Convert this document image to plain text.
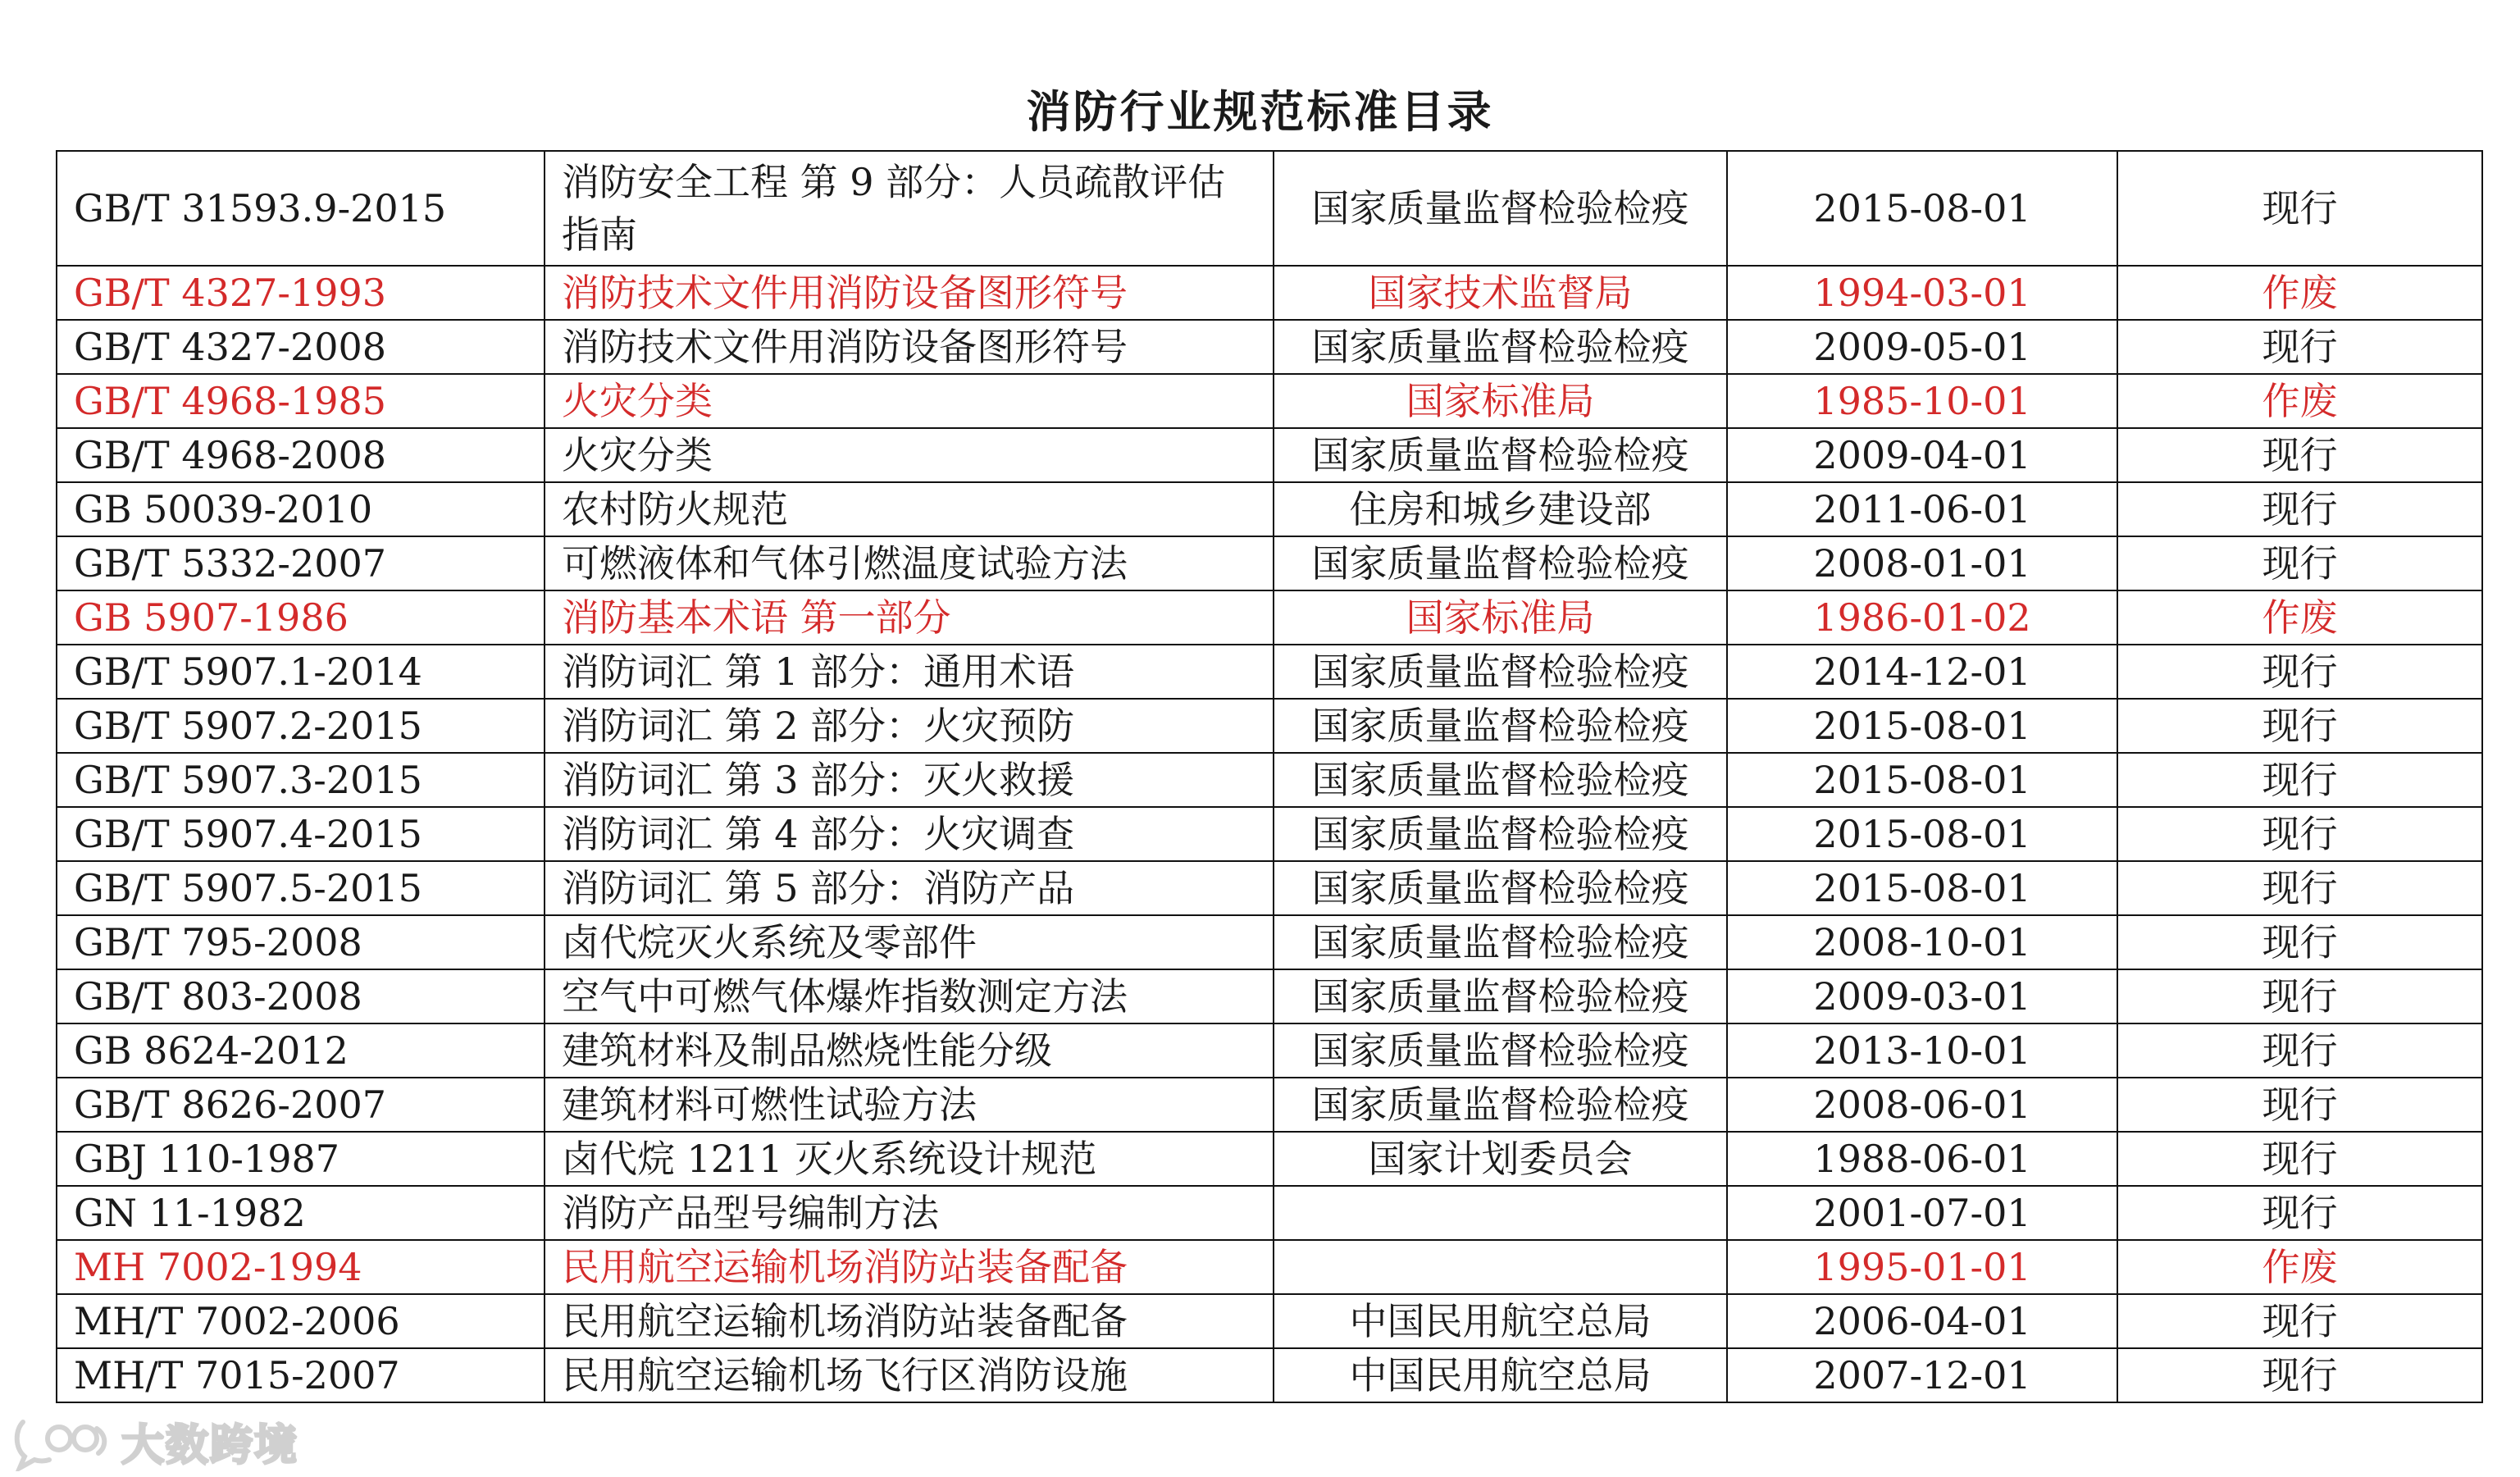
消防行业规范标准目录
GB/T 31593.9-2015	消防安全工程 第 9 部分：人员疏散评估指南	国家质量监督检验检疫	2015-08-01	现行
GB/T 4327-1993	消防技术文件用消防设备图形符号	国家技术监督局	1994-03-01	作废
GB/T 4327-2008	消防技术文件用消防设备图形符号	国家质量监督检验检疫	2009-05-01	现行
GB/T 4968-1985	火灾分类	国家标准局	1985-10-01	作废
GB/T 4968-2008	火灾分类	国家质量监督检验检疫	2009-04-01	现行
GB 50039-2010	农村防火规范	住房和城乡建设部	2011-06-01	现行
GB/T 5332-2007	可燃液体和气体引燃温度试验方法	国家质量监督检验检疫	2008-01-01	现行
GB 5907-1986	消防基本术语 第一部分	国家标准局	1986-01-02	作废
GB/T 5907.1-2014	消防词汇 第 1 部分：通用术语	国家质量监督检验检疫	2014-12-01	现行
GB/T 5907.2-2015	消防词汇 第 2 部分：火灾预防	国家质量监督检验检疫	2015-08-01	现行
GB/T 5907.3-2015	消防词汇 第 3 部分：灭火救援	国家质量监督检验检疫	2015-08-01	现行
GB/T 5907.4-2015	消防词汇 第 4 部分：火灾调查	国家质量监督检验检疫	2015-08-01	现行
GB/T 5907.5-2015	消防词汇 第 5 部分：消防产品	国家质量监督检验检疫	2015-08-01	现行
GB/T 795-2008	卤代烷灭火系统及零部件	国家质量监督检验检疫	2008-10-01	现行
GB/T 803-2008	空气中可燃气体爆炸指数测定方法	国家质量监督检验检疫	2009-03-01	现行
GB 8624-2012	建筑材料及制品燃烧性能分级	国家质量监督检验检疫	2013-10-01	现行
GB/T 8626-2007	建筑材料可燃性试验方法	国家质量监督检验检疫	2008-06-01	现行
GBJ 110-1987	卤代烷 1211 灭火系统设计规范	国家计划委员会	1988-06-01	现行
GN 11-1982	消防产品型号编制方法		2001-07-01	现行
MH 7002-1994	民用航空运输机场消防站装备配备		1995-01-01	作废
MH/T 7002-2006	民用航空运输机场消防站装备配备	中国民用航空总局	2006-04-01	现行
MH/T 7015-2007	民用航空运输机场飞行区消防设施	中国民用航空总局	2007-12-01	现行
大数跨境
